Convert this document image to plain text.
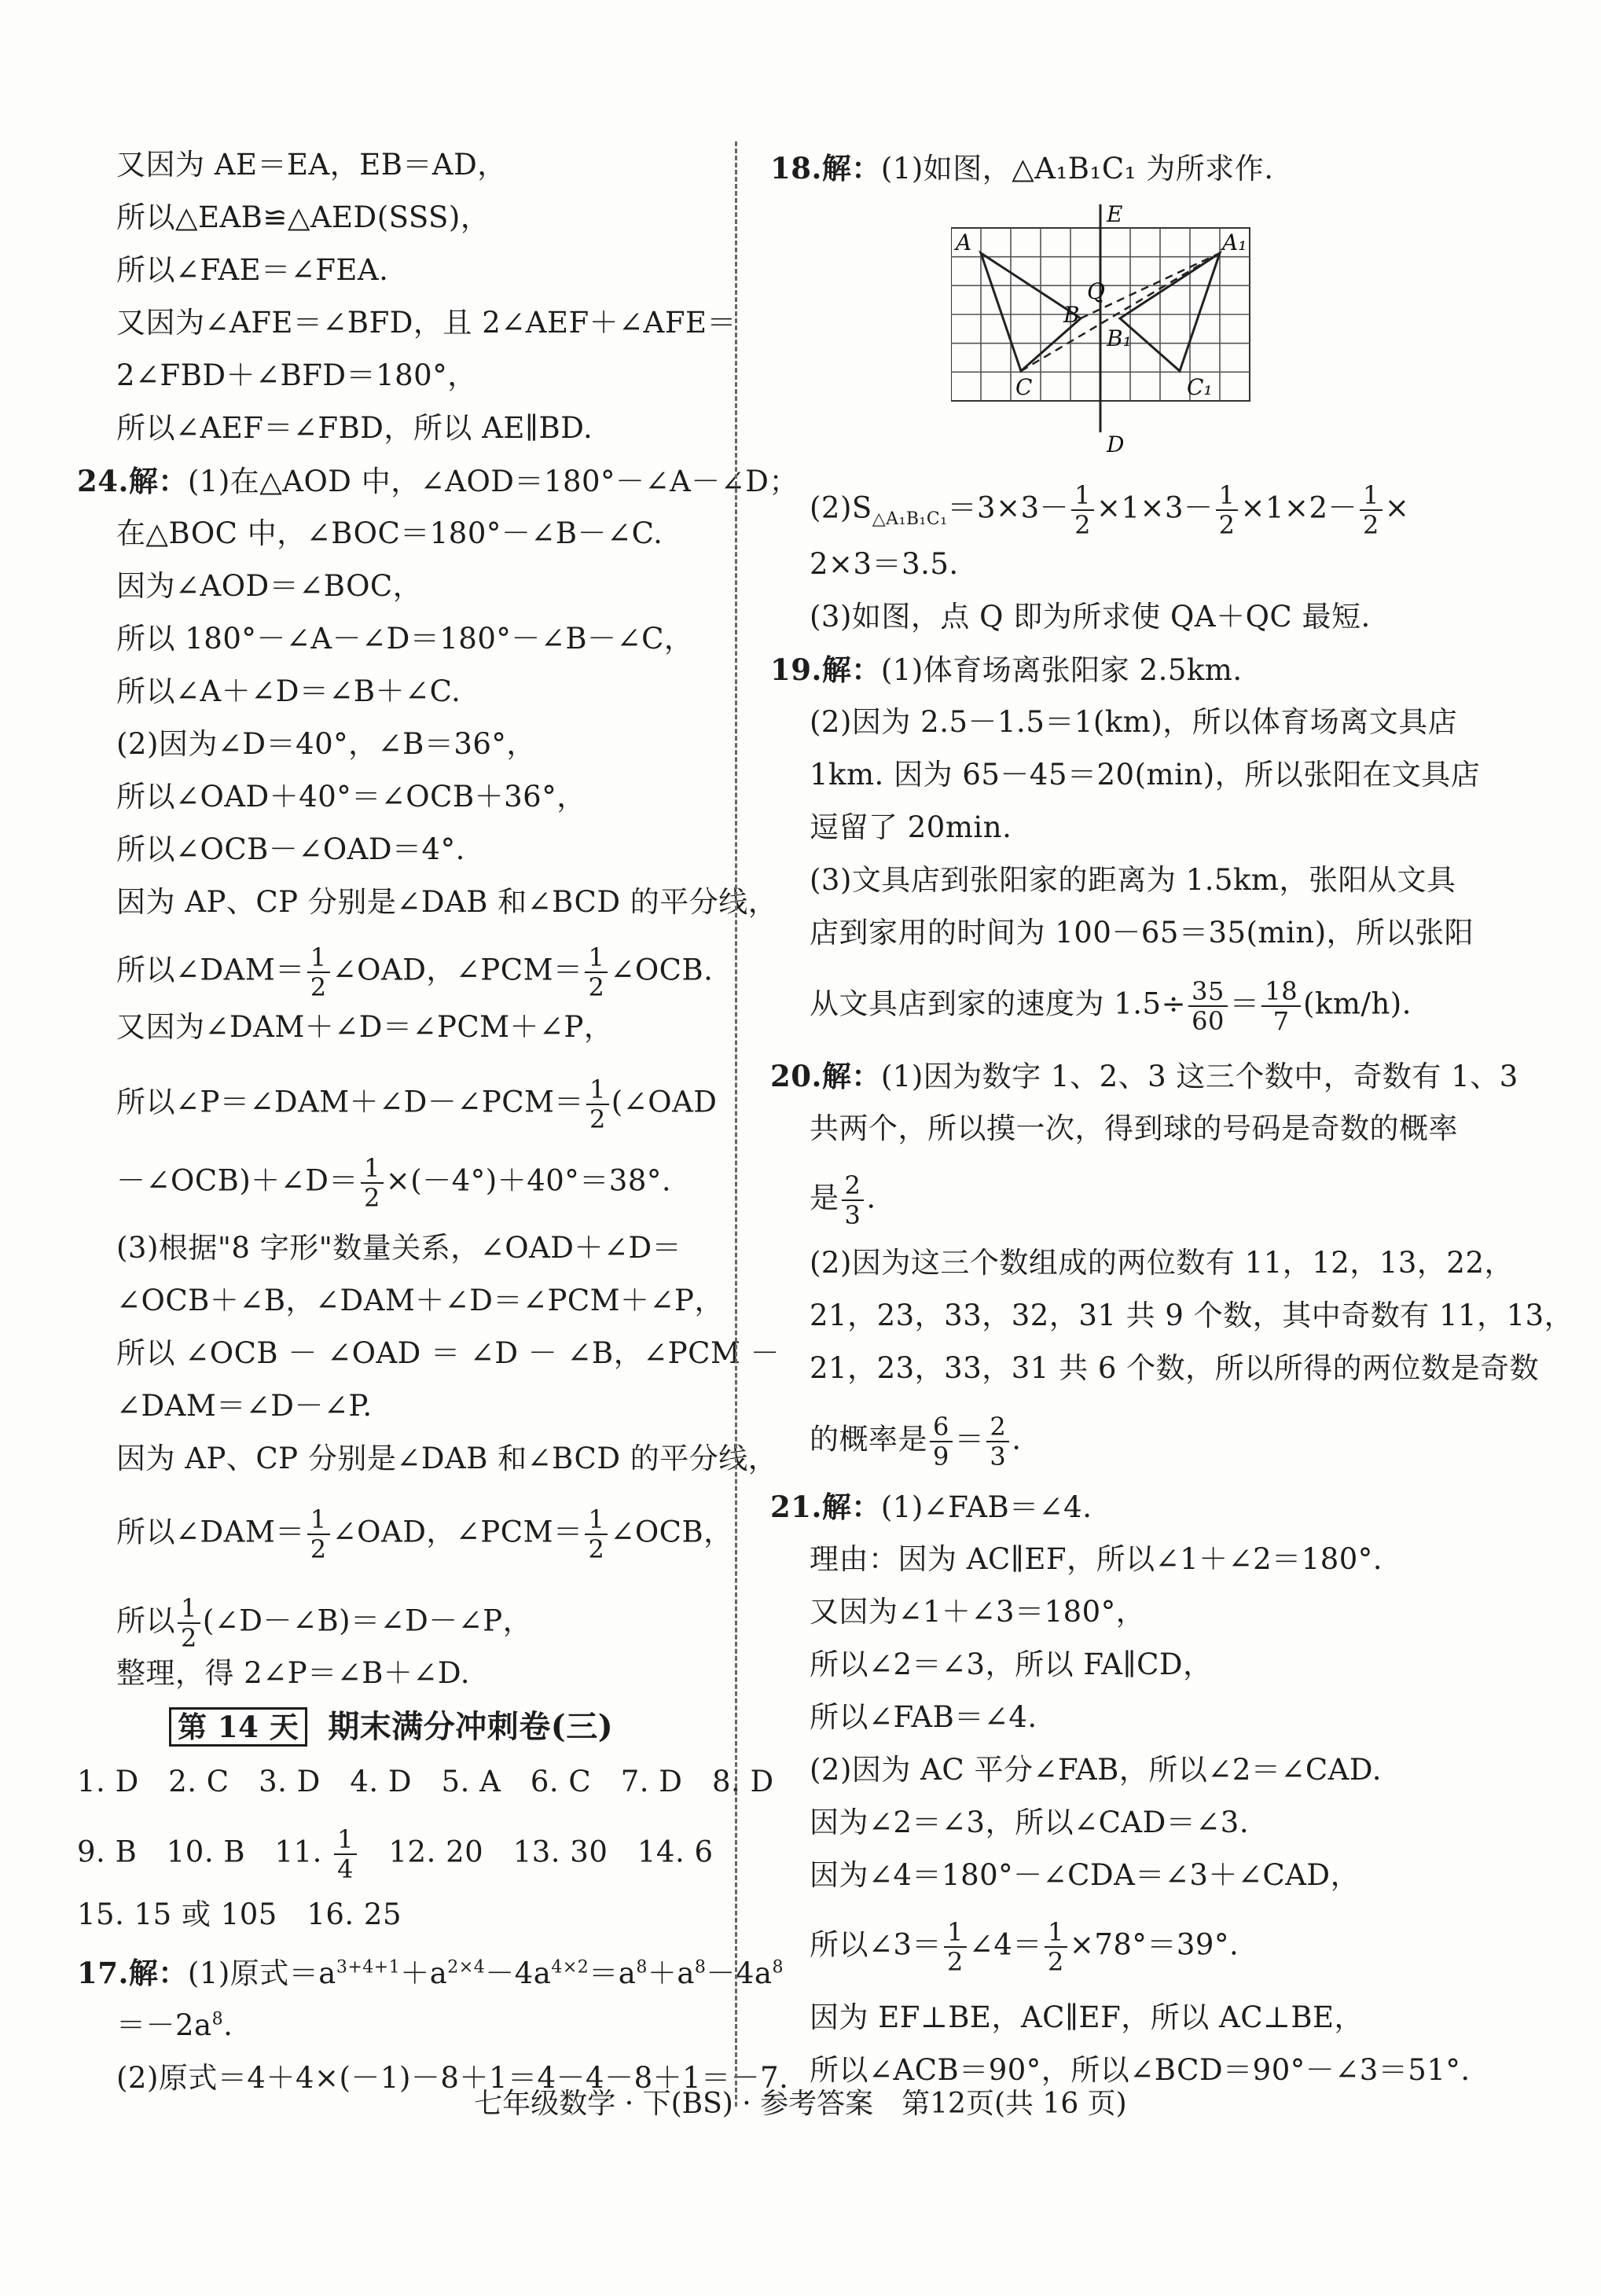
又因为 AE＝EA，EB＝AD，
所以△EAB≌△AED(SSS)，
所以∠FAE＝∠FEA.
又因为∠AFE＝∠BFD，且 2∠AEF＋∠AFE＝
2∠FBD＋∠BFD＝180°，
所以∠AEF＝∠FBD，所以 AE∥BD.
24.解：(1)在△AOD 中，∠AOD＝180°－∠A－∠D；
在△BOC 中，∠BOC＝180°－∠B－∠C.
因为∠AOD＝∠BOC，
所以 180°－∠A－∠D＝180°－∠B－∠C，
所以∠A＋∠D＝∠B＋∠C.
(2)因为∠D＝40°，∠B＝36°，
所以∠OAD＋40°＝∠OCB＋36°，
所以∠OCB－∠OAD＝4°.
因为 AP、CP 分别是∠DAB 和∠BCD 的平分线，
所以∠DAM＝ $\frac{1}{2}$ ∠OAD，∠PCM＝ $\frac{1}{2}$ ∠OCB.
又因为∠DAM＋∠D＝∠PCM＋∠P，
所以∠P＝∠DAM＋∠D－∠PCM＝ $\frac{1}{2}$ (∠OAD
－∠OCB)＋∠D＝ $\frac{1}{2} \times(-4^\circ)+40^\circ=38^\circ$.
(3)根据"8 字形"数量关系，∠OAD＋∠D＝
∠OCB＋∠B，∠DAM＋∠D＝∠PCM＋∠P，
所以 ∠OCB － ∠OAD ＝ ∠D － ∠B，∠PCM －
∠DAM＝∠D－∠P.
因为 AP、CP 分别是∠DAB 和∠BCD 的平分线，
所以∠DAM＝ $\frac{1}{2}$ ∠OAD，∠PCM＝ $\frac{1}{2}$ ∠OCB，
所以 $\frac{1}{2}$ (∠D－∠B)＝∠D－∠P，
整理，得 2∠P＝∠B＋∠D.
第 14 天 期末满分冲刺卷(三)
1. D　2. C　3. D　4. D　5. A　6. C　7. D　8. D
9. B　10. B　11. $\frac{1}{4}$ 　12. 20　13. 30　14. 6
15. 15 或 105　16. 25
17.解：(1)原式$=a^{3+4+1}+a^{2\times 4}-4a^{4\times 2}=a^8+a^8-4a^8$
$=-2a^8$.
(2)原式＝4＋4×(－1)－8＋1＝4－4－8＋1＝－7.
18.解：(1)如图，△A₁B₁C₁ 为所求作.
E
D
A	A₁
Q
B
B₁
C	C₁
$(2)S_{\triangle A_1B_1C_1}=3\times 3- \frac{1}{2} \times 1\times 3- \frac{1}{2} \times 1\times 2- \frac{1}{2}$ ×
2×3＝3.5.
(3)如图，点 Q 即为所求使 QA＋QC 最短.
19.解：(1)体育场离张阳家 2.5km.
(2)因为 2.5－1.5＝1(km)，所以体育场离文具店
1km. 因为 65－45＝20(min)，所以张阳在文具店
逗留了 20min.
(3)文具店到张阳家的距离为 1.5km，张阳从文具
店到家用的时间为 100－65＝35(min)，所以张阳
从文具店到家的速度为 $1.5\div \frac{35}{60} = \frac{18}{7} (km/h)$.
20.解：(1)因为数字 1、2、3 这三个数中，奇数有 1、3
共两个，所以摸一次，得到球的号码是奇数的概率
是 $\frac{2}{3}$ .
(2)因为这三个数组成的两位数有 11，12，13，22，
21，23，33，32，31 共 9 个数，其中奇数有 11，13，
21，23，33，31 共 6 个数，所以所得的两位数是奇数
的概率是 $\frac{6}{9} = \frac{2}{3}$ .
21.解：(1)∠FAB＝∠4.
理由：因为 AC∥EF，所以∠1＋∠2＝180°.
又因为∠1＋∠3＝180°，
所以∠2＝∠3，所以 FA∥CD，
所以∠FAB＝∠4.
(2)因为 AC 平分∠FAB，所以∠2＝∠CAD.
因为∠2＝∠3，所以∠CAD＝∠3.
因为∠4＝180°－∠CDA＝∠3＋∠CAD，
所以∠3＝ $\frac{1}{2}$ ∠4＝ $\frac{1}{2} \times 78^\circ=39^\circ$.
因为 EF⊥BE，AC∥EF，所以 AC⊥BE，
所以∠ACB＝90°，所以∠BCD＝90°－∠3＝51°.
七年级数学 · 下(BS) · 参考答案　第12页(共 16 页)
